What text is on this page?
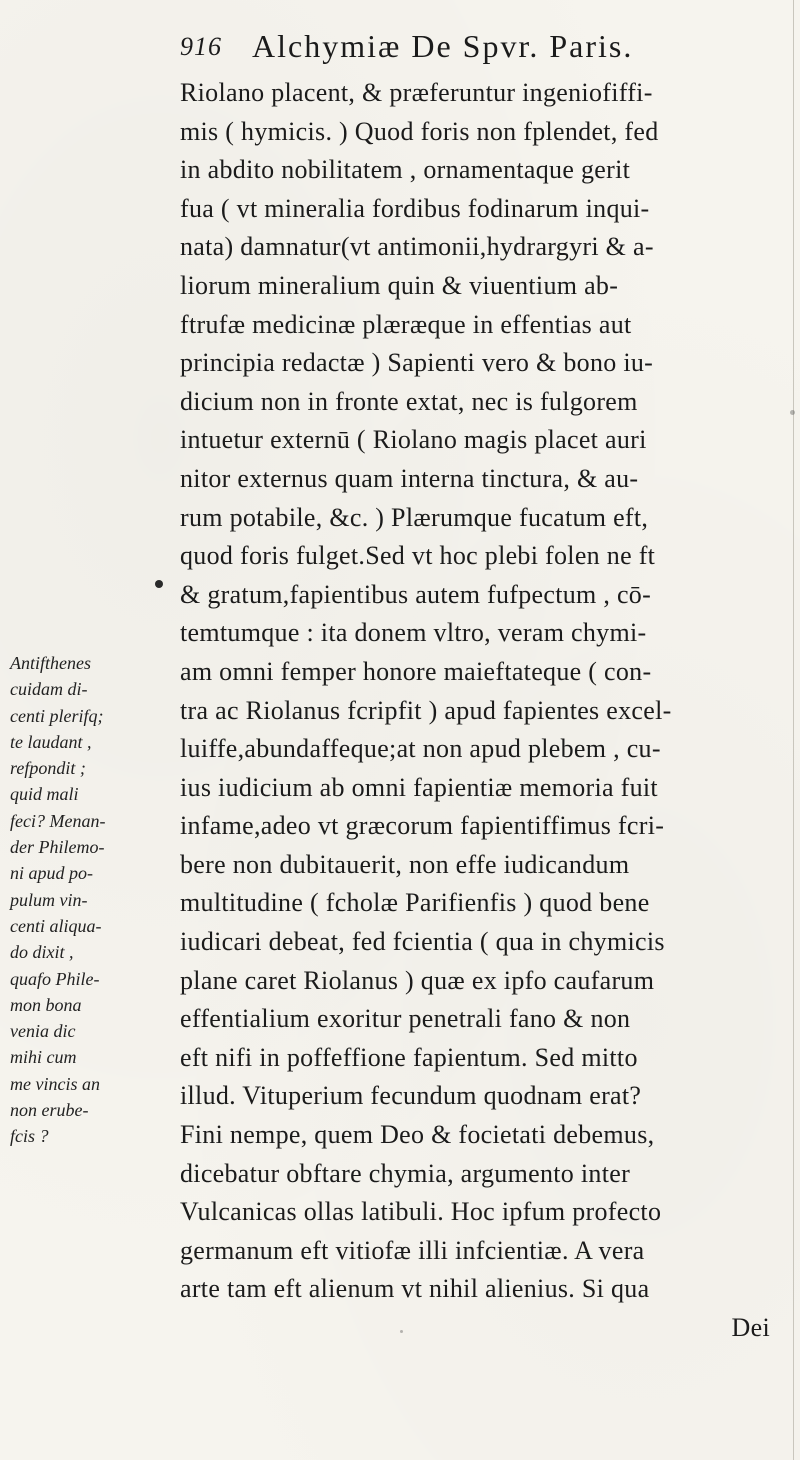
916 Alchymiæ De Spvr. Paris.
Riolano placent, & præferuntur ingeniofiffi-
mis ( hymicis. ) Quod foris non fplendet, fed
in abdito nobilitatem , ornamentaque gerit
fua ( vt mineralia fordibus fodinarum inqui-
nata) damnatur(vt antimonii,hydrargyri & a-
liorum mineralium quin & viuentium ab-
ftrufæ medicinæ plæræque in effentias aut
principia redactæ ) Sapienti vero & bono iu-
dicium non in fronte extat, nec is fulgorem
intuetur externū ( Riolano magis placet auri
nitor externus quam interna tinctura, & au-
rum potabile, &c. ) Plærumque fucatum eft,
quod foris fulget.Sed vt hoc plebi folen ne ft
& gratum,fapientibus autem fufpectum , cō-
temtumque : ita donem vltro, veram chymi-
am omni femper honore maieftateque ( con-
tra ac Riolanus fcripfit ) apud fapientes excel-
luiffe,abundaffeque;at non apud plebem , cu-
ius iudicium ab omni fapientiæ memoria fuit
infame,adeo vt græcorum fapientiffimus fcri-
bere non dubitauerit, non effe iudicandum
multitudine ( fcholæ Parifienfis ) quod bene
iudicari debeat, fed fcientia ( qua in chymicis
plane caret Riolanus ) quæ ex ipfo caufarum
effentialium exoritur penetrali fano & non
eft nifi in poffeffione fapientum. Sed mitto
illud. Vituperium fecundum quodnam erat?
Fini nempe, quem Deo & focietati debemus,
dicebatur obftare chymia, argumento inter
Vulcanicas ollas latibuli. Hoc ipfum profecto
germanum eft vitiofæ illi infcientiæ. A vera
arte tam eft alienum vt nihil alienius. Si qua
Dei
Antifthenes
cuidam di-
centi plerifq;
te laudant ,
refpondit ;
quid mali
feci? Menan-
der Philemo-
ni apud po-
pulum vin-
centi aliqua-
do dixit ,
quafo Phile-
mon bona
venia dic
mihi cum
me vincis an
non erube-
fcis ?
